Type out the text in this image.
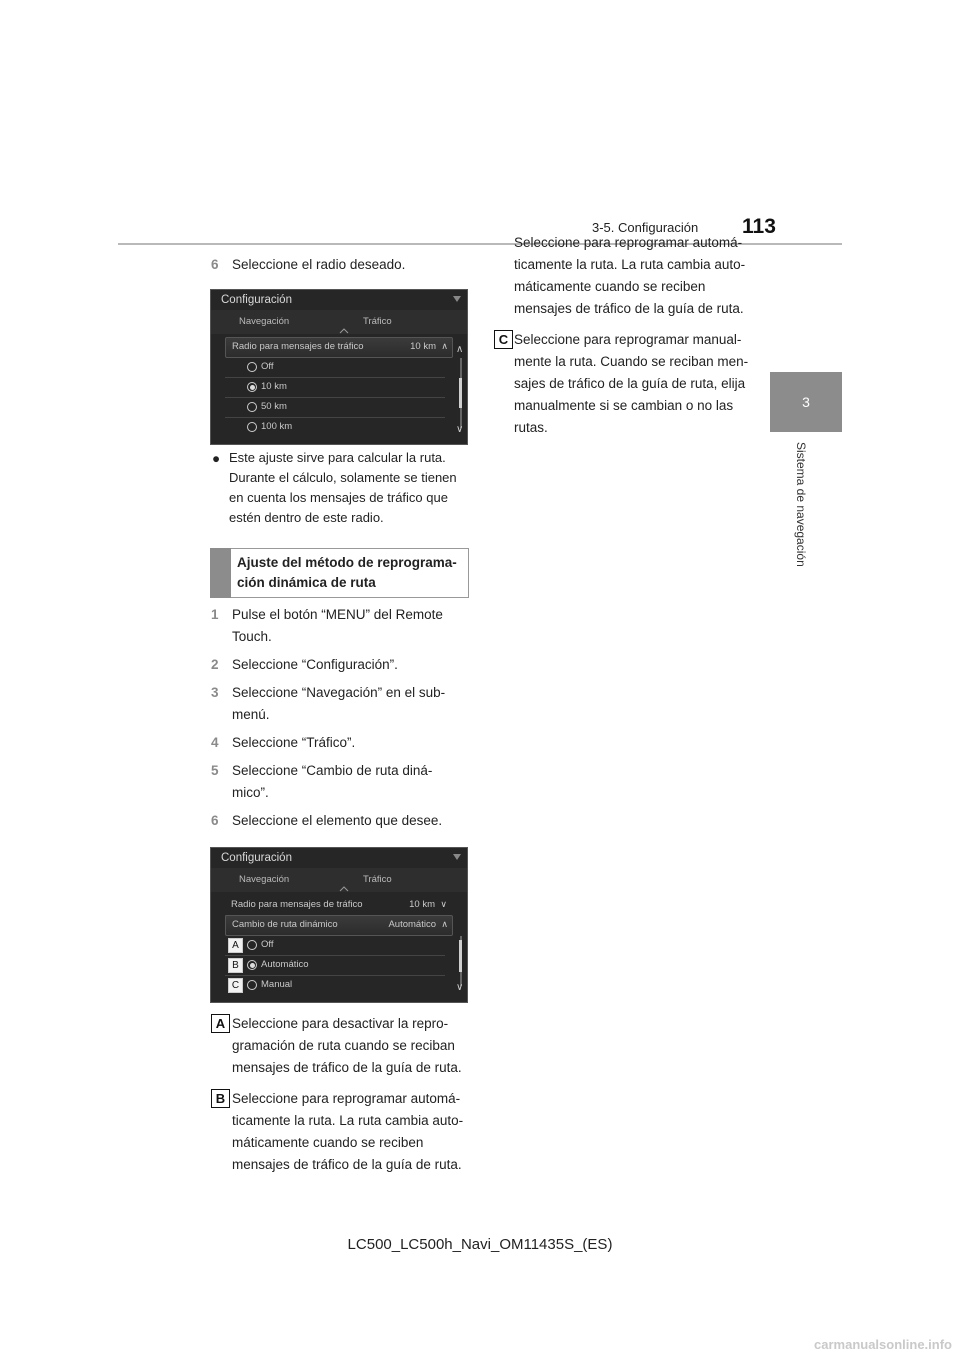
3-5. Configuración 113
3
Sistema de navegación
6 Seleccione el radio deseado.
Configuración
Navegación	Tráfico
Radio para mensajes de tráfico	10 km ∧
Off
10 km
50 km
100 km
∧
∨
● Este ajuste sirve para calcular la ruta. Durante el cálculo, solamente se tienen en cuenta los mensajes de tráfico que estén dentro de este radio.
Ajuste del método de reprograma-ción dinámica de ruta
1 Pulse el botón “MENU” del Remote Touch.
2 Seleccione “Configuración”.
3 Seleccione “Navegación” en el sub-menú.
4 Seleccione “Tráfico”.
5 Seleccione “Cambio de ruta diná-mico”.
6 Seleccione el elemento que desee.
Configuración
Navegación	Tráfico
Radio para mensajes de tráfico	10 km ∨
Cambio de ruta dinámico	Automático ∧
Off
Automático
Manual
A
B
C	∨
A Seleccione para desactivar la repro-gramación de ruta cuando se reciban mensajes de tráfico de la guía de ruta.
B Seleccione para reprogramar automá-ticamente la ruta. La ruta cambia auto-máticamente cuando se reciben mensajes de tráfico de la guía de ruta.
Seleccione para reprogramar automá-ticamente la ruta. La ruta cambia auto-máticamente cuando se reciben mensajes de tráfico de la guía de ruta.
C Seleccione para reprogramar manual-mente la ruta. Cuando se reciban men-sajes de tráfico de la guía de ruta, elija manualmente si se cambian o no las rutas.
LC500_LC500h_Navi_OM11435S_(ES)
carmanualsonline.info
